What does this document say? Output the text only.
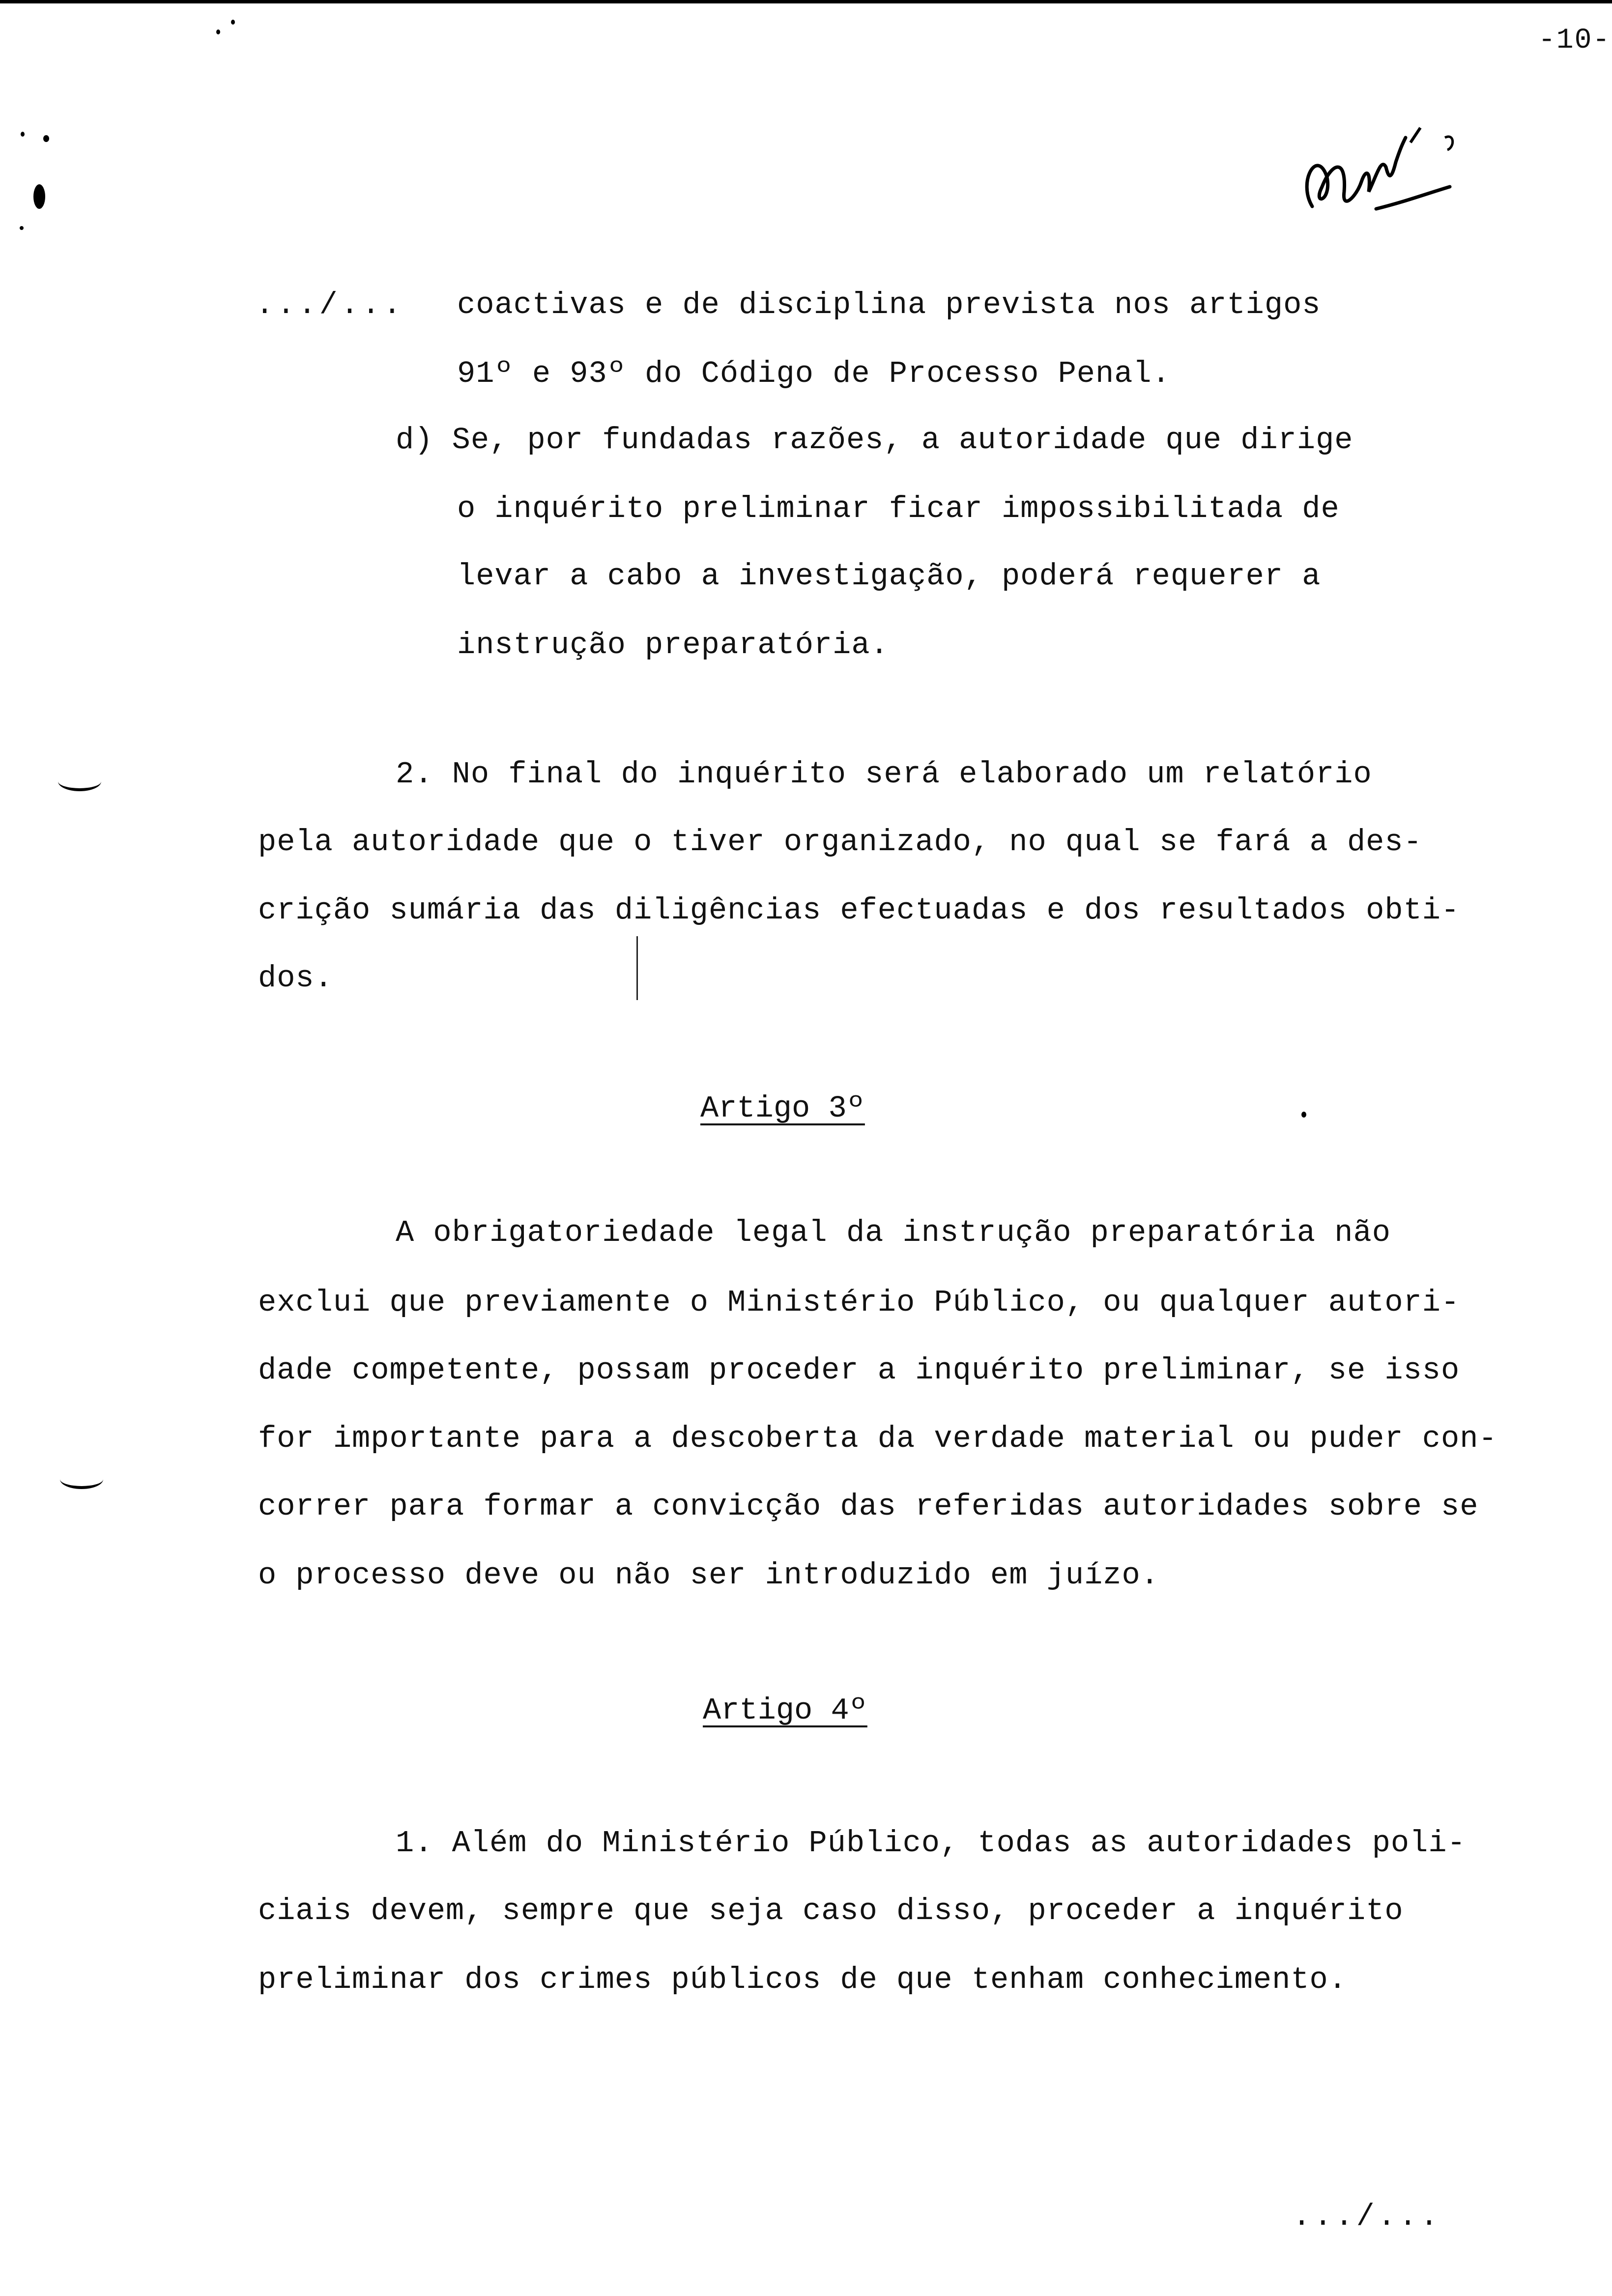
-10-
.../... coactivas e de disciplina prevista nos artigos
91º e 93º do Código de Processo Penal.
d) Se, por fundadas razões, a autoridade que dirige
o inquérito preliminar ficar impossibilitada de
levar a cabo a investigação, poderá requerer a
instrução preparatória.
2. No final do inquérito será elaborado um relatório
pela autoridade que o tiver organizado, no qual se fará a des-
crição sumária das diligências efectuadas e dos resultados obti-
dos.
Artigo 3º
A obrigatoriedade legal da instrução preparatória não
exclui que previamente o Ministério Público, ou qualquer autori-
dade competente, possam proceder a inquérito preliminar, se isso
for importante para a descoberta da verdade material ou puder con-
correr para formar a convicção das referidas autoridades sobre se
o processo deve ou não ser introduzido em juízo.
Artigo 4º
1. Além do Ministério Público, todas as autoridades poli-
ciais devem, sempre que seja caso disso, proceder a inquérito
preliminar dos crimes públicos de que tenham conhecimento.
.../...
